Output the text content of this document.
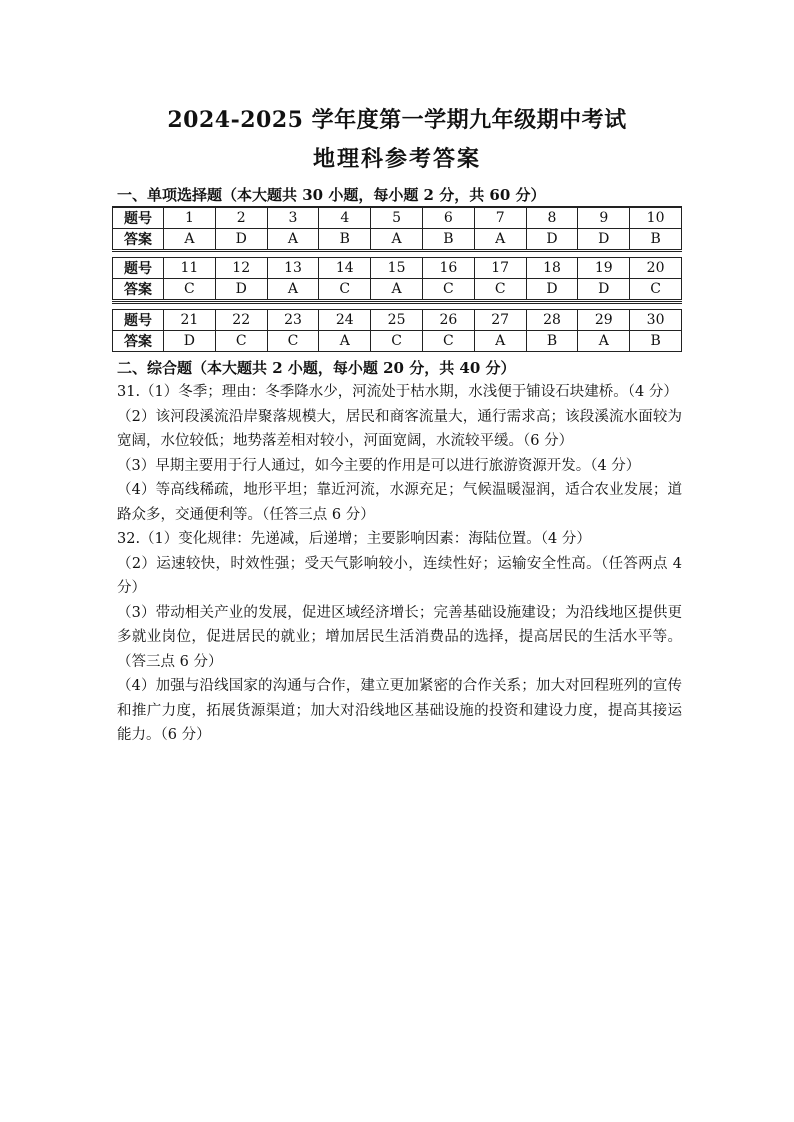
2024-2025 学年度第一学期九年级期中考试
地理科参考答案
一、单项选择题（本大题共 30 小题，每小题 2 分，共 60 分）
题号	1	2	3	4	5	6	7	8	9	10
答案	A	D	A	B	A	B	A	D	D	B
题号	11	12	13	14	15	16	17	18	19	20
答案	C	D	A	C	A	C	C	D	D	C
题号	21	22	23	24	25	26	27	28	29	30
答案	D	C	C	A	C	C	A	B	A	B
二、综合题（本大题共 2 小题，每小题 20 分，共 40 分）

31.（1）冬季；理由：冬季降水少，河流处于枯水期，水浅便于铺设石块建桥。（4 分）

（2）该河段溪流沿岸聚落规模大，居民和商客流量大，通行需求高；该段溪流水面较为宽阔，水位较低；地势落差相对较小，河面宽阔，水流较平缓。（6 分）

（3）早期主要用于行人通过，如今主要的作用是可以进行旅游资源开发。（4 分）

（4）等高线稀疏，地形平坦；靠近河流，水源充足；气候温暖湿润，适合农业发展；道路众多，交通便利等。（任答三点 6 分）

32.（1）变化规律：先递减，后递增；主要影响因素：海陆位置。（4 分）

（2）运速较快，时效性强；受天气影响较小，连续性好；运输安全性高。（任答两点 4 分）

（3）带动相关产业的发展，促进区域经济增长；完善基础设施建设；为沿线地区提供更多就业岗位，促进居民的就业；增加居民生活消费品的选择，提高居民的生活水平等。（答三点 6 分）

（4）加强与沿线国家的沟通与合作，建立更加紧密的合作关系；加大对回程班列的宣传和推广力度，拓展货源渠道；加大对沿线地区基础设施的投资和建设力度，提高其接运能力。（6 分）
